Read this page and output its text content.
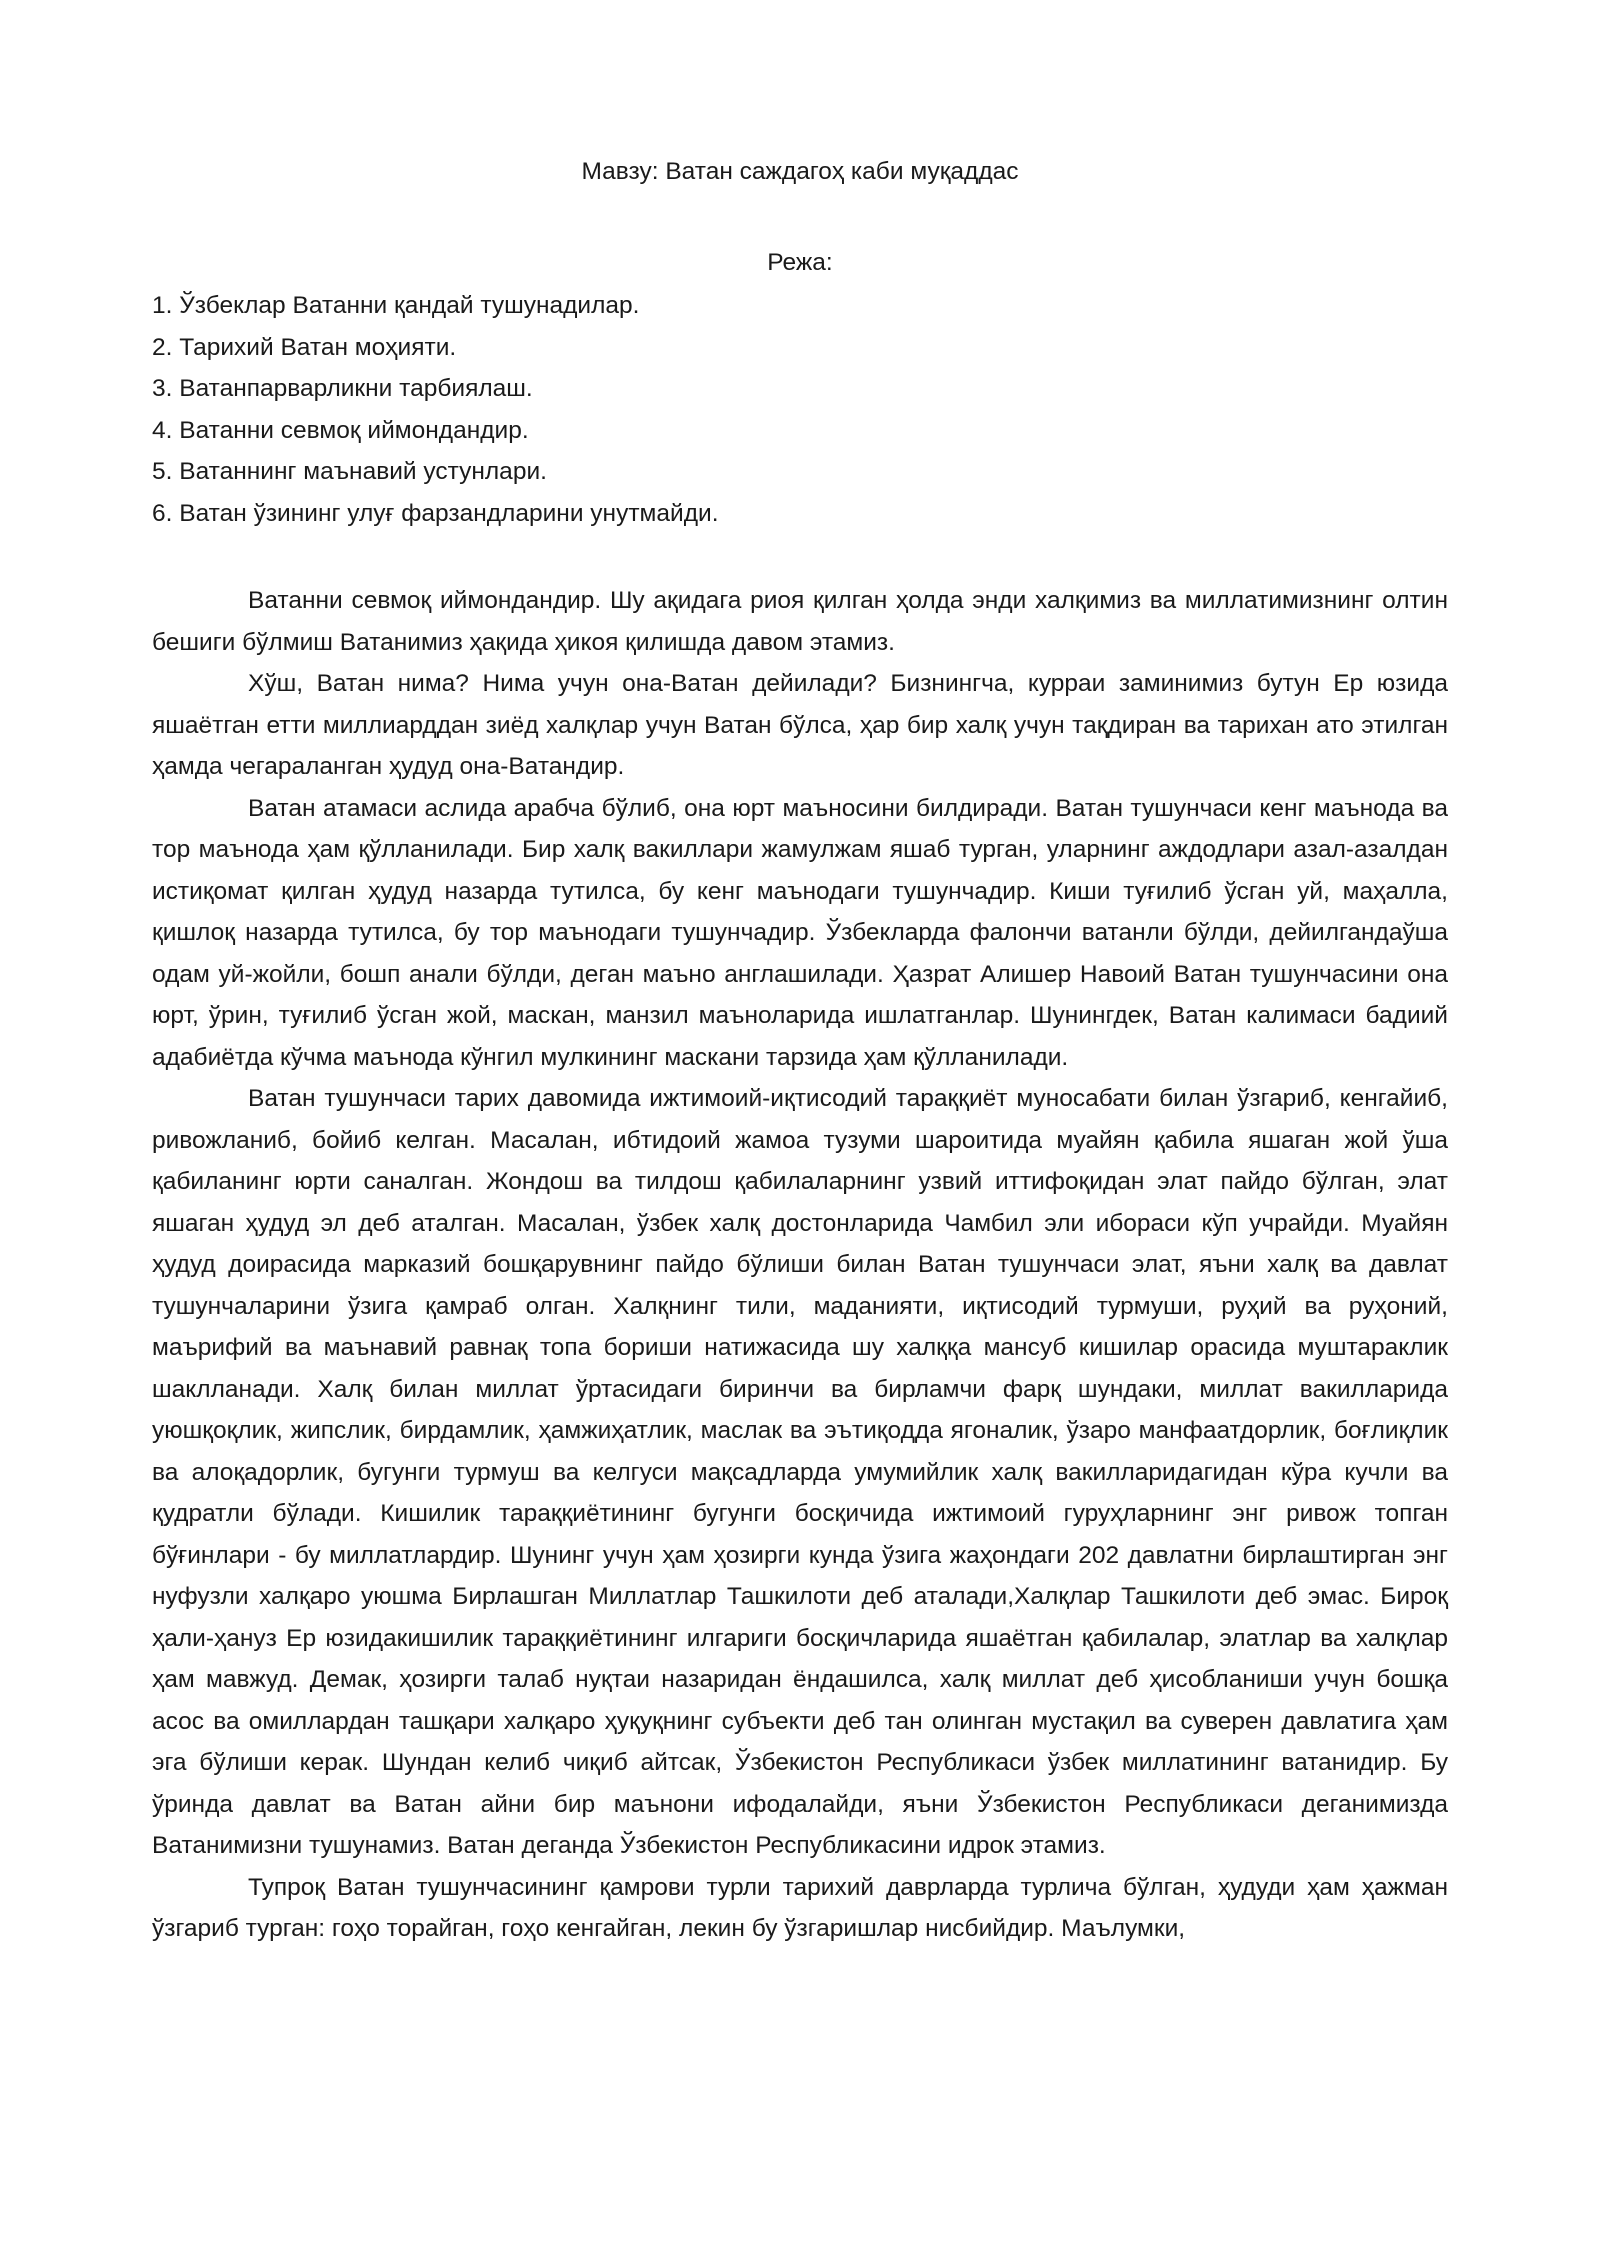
Мавзу: Ватан саждагоҳ каби муқаддас
Режа:
1. Ўзбеклар Ватанни қандай тушунадилар.
2. Тарихий Ватан моҳияти.
3. Ватанпарварликни тарбиялаш.
4. Ватанни севмоқ иймондандир.
5. Ватаннинг маънавий устунлари.
6. Ватан ўзининг улуғ фарзандларини унутмайди.

Ватанни севмоқ иймондандир. Шу ақидага риоя қилган ҳолда энди халқимиз ва миллатимизнинг олтин бешиги бўлмиш Ватанимиз ҳақида ҳикоя қилишда давом этамиз.

Хўш, Ватан нима? Нима учун она-Ватан дейилади? Бизнингча, курраи заминимиз бутун Ер юзида яшаётган етти миллиарддан зиёд халқлар учун Ватан бўлса, ҳар бир халқ учун тақдиран ва тарихан ато этилган ҳамда чегараланган ҳудуд она-Ватандир.

Ватан атамаси аслида арабча бўлиб, она юрт маъносини билдиради. Ватан тушунчаси кенг маънода ва тор маънода ҳам қўлланилади. Бир халқ вакиллари жамулжам яшаб турган, уларнинг аждодлари азал-азалдан истиқомат қилган ҳудуд назарда тутилса, бу кенг маънодаги тушунчадир. Киши туғилиб ўсган уй, маҳалла, қишлоқ назарда тутилса, бу тор маънодаги тушунчадир. Ўзбекларда фалончи ватанли бўлди, дейилгандаўша одам уй-жойли, бошп анали бўлди, деган маъно англашилади. Ҳазрат Алишер Навоий Ватан тушунчасини она юрт, ўрин, туғилиб ўсган жой, маскан, манзил маъноларида ишлатганлар. Шунингдек, Ватан калимаси бадиий адабиётда кўчма маънода кўнгил мулкининг маскани тарзида ҳам қўлланилади.

Ватан тушунчаси тарих давомида ижтимоий-иқтисодий тараққиёт муносабати билан ўзгариб, кенгайиб, ривожланиб, бойиб келган. Масалан, ибтидоий жамоа тузуми шароитида муайян қабила яшаган жой ўша қабиланинг юрти саналган. Жондош ва тилдош қабилаларнинг узвий иттифоқидан элат пайдо бўлган, элат яшаган ҳудуд эл деб аталган. Масалан, ўзбек халқ достонларида Чамбил эли ибораси кўп учрайди. Муайян ҳудуд доирасида марказий бошқарувнинг пайдо бўлиши билан Ватан тушунчаси элат, яъни халқ ва давлат тушунчаларини ўзига қамраб олган. Халқнинг тили, маданияти, иқтисодий турмуши, руҳий ва руҳоний, маърифий ва маънавий равнақ топа бориши натижасида шу халққа мансуб кишилар орасида муштараклик шаклланади. Халқ билан миллат ўртасидаги биринчи ва бирламчи фарқ шундаки, миллат вакилларида уюшқоқлик, жипслик, бирдамлик, ҳамжиҳатлик, маслак ва эътиқодда ягоналик, ўзаро манфаатдорлик, боғлиқлик ва алоқадорлик, бугунги турмуш ва келгуси мақсадларда умумийлик халқ вакилларидагидан кўра кучли ва қудратли бўлади. Кишилик тараққиётининг бугунги босқичида ижтимоий гуруҳларнинг энг ривож топган бўғинлари - бу миллатлардир. Шунинг учун ҳам ҳозирги кунда ўзига жаҳондаги 202 давлатни бирлаштирган энг нуфузли халқаро уюшма Бирлашган Миллатлар Ташкилоти деб аталади,Халқлар Ташкилоти деб эмас. Бироқ ҳали-ҳануз Ер юзидакишилик тараққиётининг илгариги босқичларида яшаётган қабилалар, элатлар ва халқлар ҳам мавжуд. Демак, ҳозирги талаб нуқтаи назаридан ёндашилса, халқ миллат деб ҳисобланиши учун бошқа асос ва омиллардан ташқари халқаро ҳуқуқнинг субъекти деб тан олинган мустақил ва суверен давлатига ҳам эга бўлиши керак. Шундан келиб чиқиб айтсак, Ўзбекистон Республикаси ўзбек миллатининг ватанидир. Бу ўринда давлат ва Ватан айни бир маънони ифодалайди, яъни Ўзбекистон Республикаси деганимизда Ватанимизни тушунамиз. Ватан деганда Ўзбекистон Республикасини идрок этамиз.

Тупроқ Ватан тушунчасининг қамрови турли тарихий даврларда турлича бўлган, ҳудуди ҳам ҳажман ўзгариб турган: гоҳо торайган, гоҳо кенгайган, лекин бу ўзгаришлар нисбийдир. Маълумки,
